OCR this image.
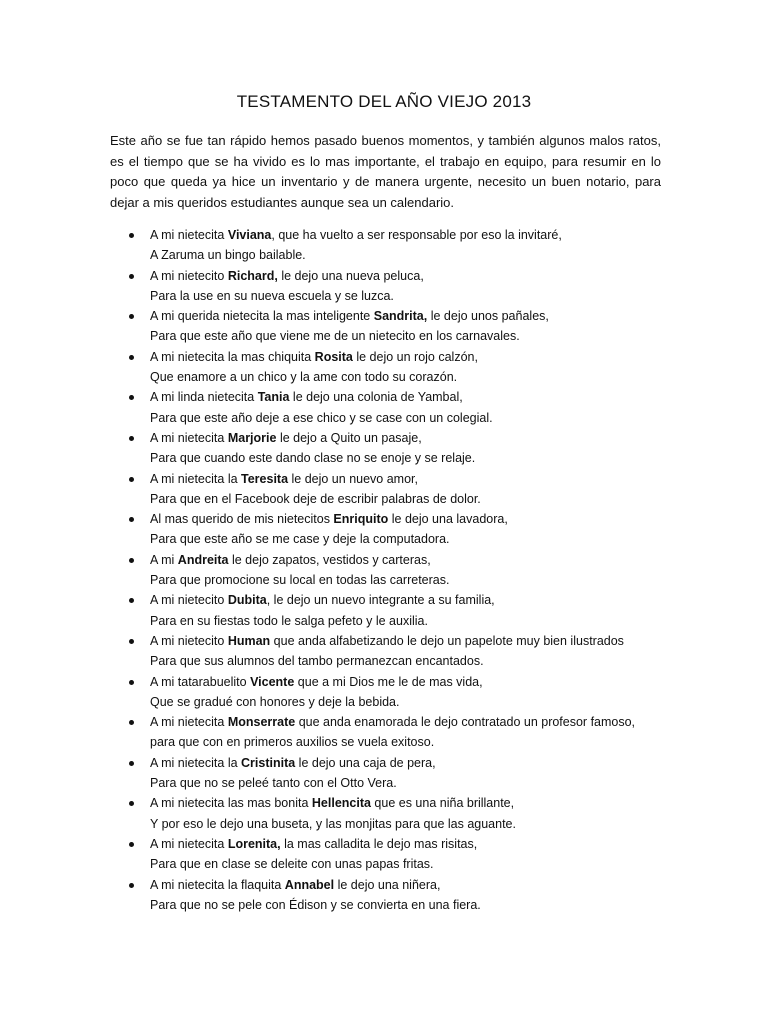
TESTAMENTO DEL AÑO VIEJO 2013

Este año se fue tan rápido hemos pasado buenos momentos, y también algunos malos ratos, es el tiempo que se ha vivido es lo mas importante, el trabajo en equipo, para resumir en lo poco que queda ya hice un inventario y de manera urgente, necesito un buen notario, para dejar a mis queridos estudiantes aunque sea un calendario.

A mi nietecita Viviana, que ha vuelto a ser responsable por eso la invitaré,
A Zaruma un bingo bailable.
A mi nietecito Richard, le dejo una nueva peluca,
Para la use en su nueva escuela y se luzca.
A mi querida nietecita la mas inteligente Sandrita, le dejo unos pañales,
Para que este año que viene me de un nietecito en los carnavales.
A mi nietecita la mas chiquita Rosita le dejo un rojo calzón,
Que enamore a un chico y la ame con todo su corazón.
A mi linda nietecita Tania le dejo una colonia de Yambal,
Para que este año deje a ese chico y se case con un colegial.
A mi nietecita Marjorie le dejo a Quito un pasaje,
Para que cuando este dando clase no se enoje y se relaje.
A mi nietecita la Teresita le dejo un nuevo amor,
Para que en el Facebook deje de escribir palabras de dolor.
Al mas querido de mis nietecitos Enriquito le dejo una lavadora,
Para que este año se me case y deje la computadora.
A mi Andreita le dejo zapatos, vestidos y carteras,
Para que promocione su local en todas las carreteras.
A mi nietecito Dubita, le dejo un nuevo integrante a su familia,
Para en su fiestas todo le salga pefeto y le auxilia.
A mi nietecito Human que anda alfabetizando le dejo un papelote muy bien ilustrados
Para que sus alumnos del tambo permanezcan encantados.
A mi tatarabuelito Vicente que a mi Dios me le de mas vida,
Que se gradué con honores y deje la bebida.
A mi nietecita Monserrate que anda enamorada le dejo contratado un profesor famoso,
para que con en primeros auxilios se vuela exitoso.
A mi nietecita la Cristinita le dejo una caja de pera,
Para que no se peleé tanto con el Otto Vera.
A mi nietecita las mas bonita Hellencita que es una niña brillante,
Y por eso le dejo una buseta, y las monjitas para que las aguante.
A mi nietecita Lorenita, la mas calladita le dejo mas risitas,
Para que en clase se deleite con unas papas fritas.
A mi nietecita la flaquita Annabel le dejo una niñera,
Para que no se pele con Édison y se convierta en una fiera.
